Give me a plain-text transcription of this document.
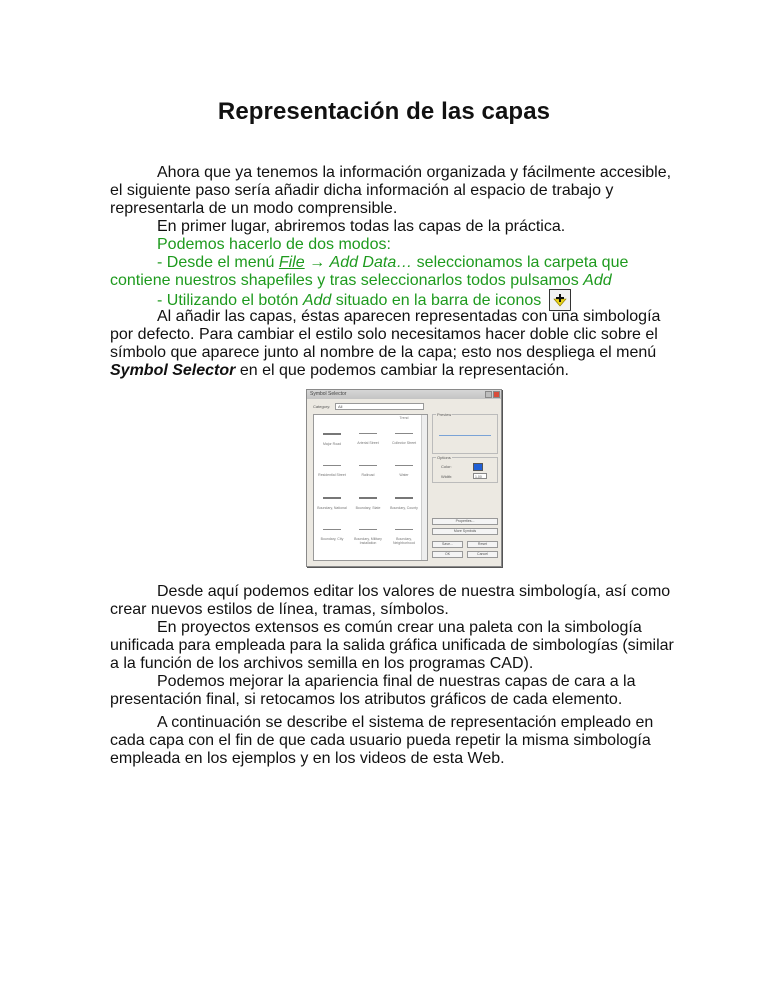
Representación de las capas
Ahora que ya tenemos la información organizada y fácilmente accesible,
el siguiente paso sería añadir dicha información al espacio de trabajo y
representarla de un modo comprensible.
En primer lugar, abriremos todas las capas de la práctica.
Podemos hacerlo de dos modos:
- Desde el menú File → Add Data… seleccionamos la carpeta que
contiene nuestros shapefiles y tras seleccionarlos todos pulsamos Add
- Utilizando el botón Add situado en la barra de iconos
Al añadir las capas, éstas aparecen representadas con una simbología
por defecto. Para cambiar el estilo solo necesitamos hacer doble clic sobre el
símbolo que aparece junto al nombre de la capa; esto nos despliega el menú
Symbol Selector en el que podemos cambiar la representación.
Symbol Selector
Category:	All
Trend
Major Road	Arterial Street	Collector Street
Residential Street	Railroad	Water
Boundary, National	Boundary, State	Boundary, County
Boundary, City	Boundary, Military Installation
Boundary, Neighborhood
Preview
Options
Color:
Width:	1.00
Properties...
More Symbols
Save...	Reset
OK	Cancel
Desde aquí podemos editar los valores de nuestra simbología, así como
crear nuevos estilos de línea, tramas, símbolos.
En proyectos extensos es común crear una paleta con la simbología
unificada para empleada para la salida gráfica unificada de simbologías (similar
a la función de los archivos semilla en los programas CAD).
Podemos mejorar la apariencia final de nuestras capas de cara a la
presentación final, si retocamos los atributos gráficos de cada elemento.
A continuación se describe el sistema de representación empleado en
cada capa con el fin de que cada usuario pueda repetir la misma simbología
empleada en los ejemplos y en los videos de esta Web.
